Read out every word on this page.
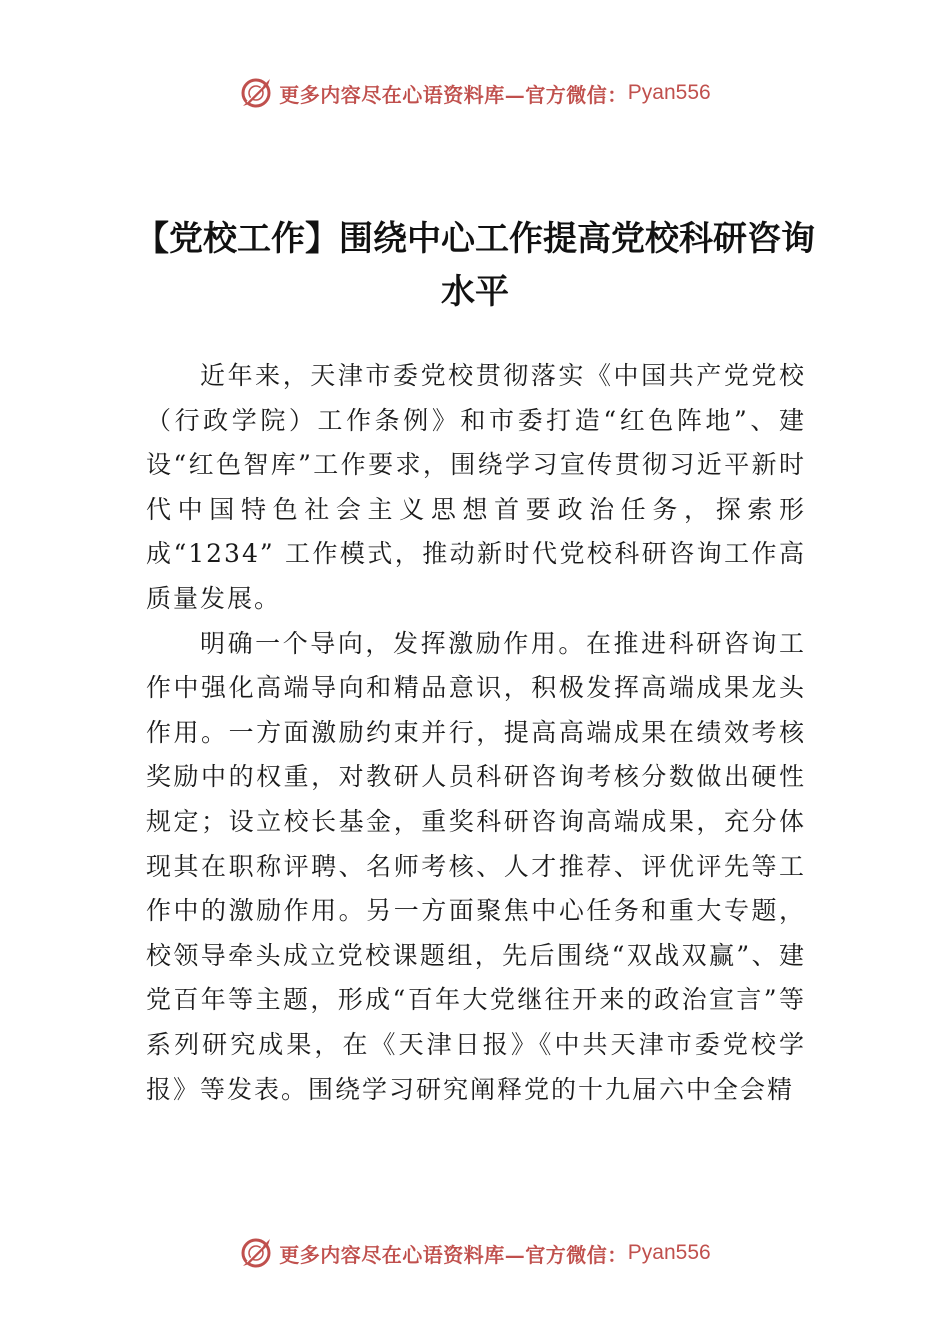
更多内容尽在心语资料库—官方微信： Pyan556
【党校工作】围绕中心工作提高党校科研咨询水平

近年来，天津市委党校贯彻落实《中国共产党党校（行政学院）工作条例》和市委打造“红色阵地”、建设“红色智库”工作要求，围绕学习宣传贯彻习近平新时代中国特色社会主义思想首要政治任务，探索形成“1234” 工作模式，推动新时代党校科研咨询工作高质量发展。

明确一个导向，发挥激励作用。在推进科研咨询工作中强化高端导向和精品意识，积极发挥高端成果龙头作用。一方面激励约束并行，提高高端成果在绩效考核奖励中的权重，对教研人员科研咨询考核分数做出硬性规定；设立校长基金，重奖科研咨询高端成果，充分体现其在职称评聘、名师考核、人才推荐、评优评先等工作中的激励作用。另一方面聚焦中心任务和重大专题，校领导牵头成立党校课题组，先后围绕“双战双赢”、建党百年等主题，形成“百年大党继往开来的政治宣言”等系列研究成果，在《天津日报》《中共天津市委党校学报》等发表。围绕学习研究阐释党的十九届六中全会精

更多内容尽在心语资料库—官方微信： Pyan556
